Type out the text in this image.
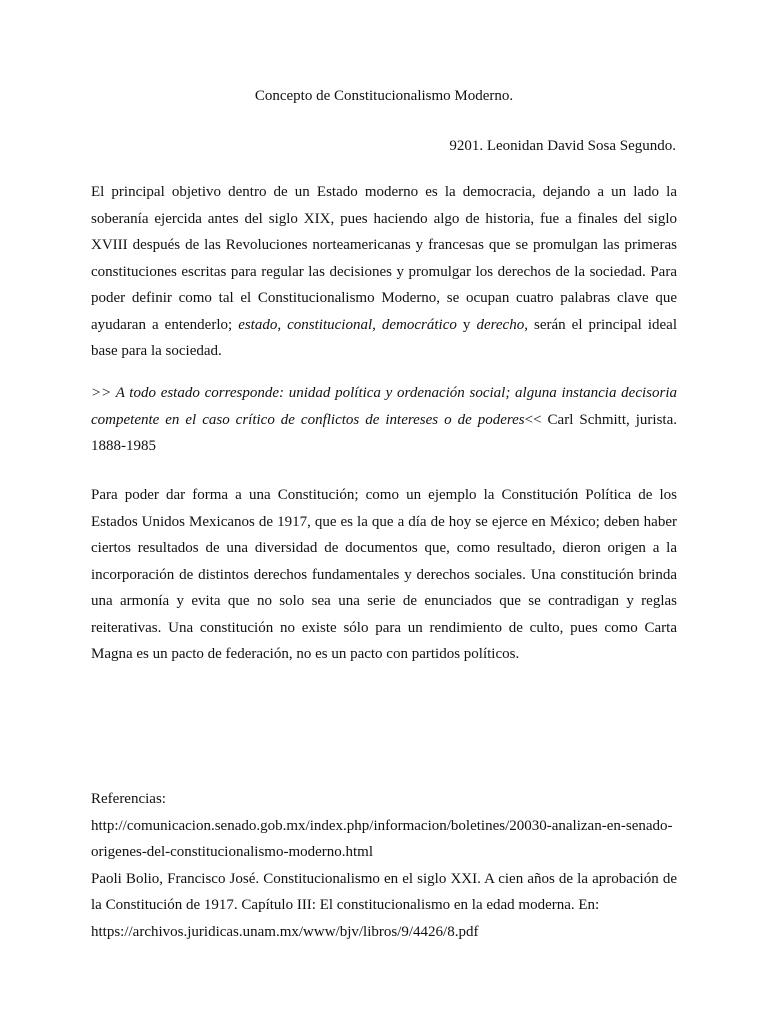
Concepto de Constitucionalismo Moderno.
9201. Leonidan David Sosa Segundo.

El principal objetivo dentro de un Estado moderno es la democracia, dejando a un lado la soberanía ejercida antes del siglo XIX, pues haciendo algo de historia, fue a finales del siglo XVIII después de las Revoluciones norteamericanas y francesas que se promulgan las primeras constituciones escritas para regular las decisiones y promulgar los derechos de la sociedad. Para poder definir como tal el Constitucionalismo Moderno, se ocupan cuatro palabras clave que ayudaran a entenderlo; estado, constitucional, democrático y derecho, serán el principal ideal base para la sociedad.

>> A todo estado corresponde: unidad política y ordenación social; alguna instancia decisoria competente en el caso crítico de conflictos de intereses o de poderes<< Carl Schmitt, jurista. 1888-1985

Para poder dar forma a una Constitución; como un ejemplo la Constitución Política de los Estados Unidos Mexicanos de 1917, que es la que a día de hoy se ejerce en México; deben haber ciertos resultados de una diversidad de documentos que, como resultado, dieron origen a la incorporación de distintos derechos fundamentales y derechos sociales. Una constitución brinda una armonía y evita que no solo sea una serie de enunciados que se contradigan y reglas reiterativas. Una constitución no existe sólo para un rendimiento de culto, pues como Carta Magna es un pacto de federación, no es un pacto con partidos políticos.

Referencias:
http://comunicacion.senado.gob.mx/index.php/informacion/boletines/20030-analizan-en-senado-origenes-del-constitucionalismo-moderno.html
Paoli Bolio, Francisco José. Constitucionalismo en el siglo XXI. A cien años de la aprobación de la Constitución de 1917. Capítulo III: El constitucionalismo en la edad moderna. En:
https://archivos.juridicas.unam.mx/www/bjv/libros/9/4426/8.pdf
